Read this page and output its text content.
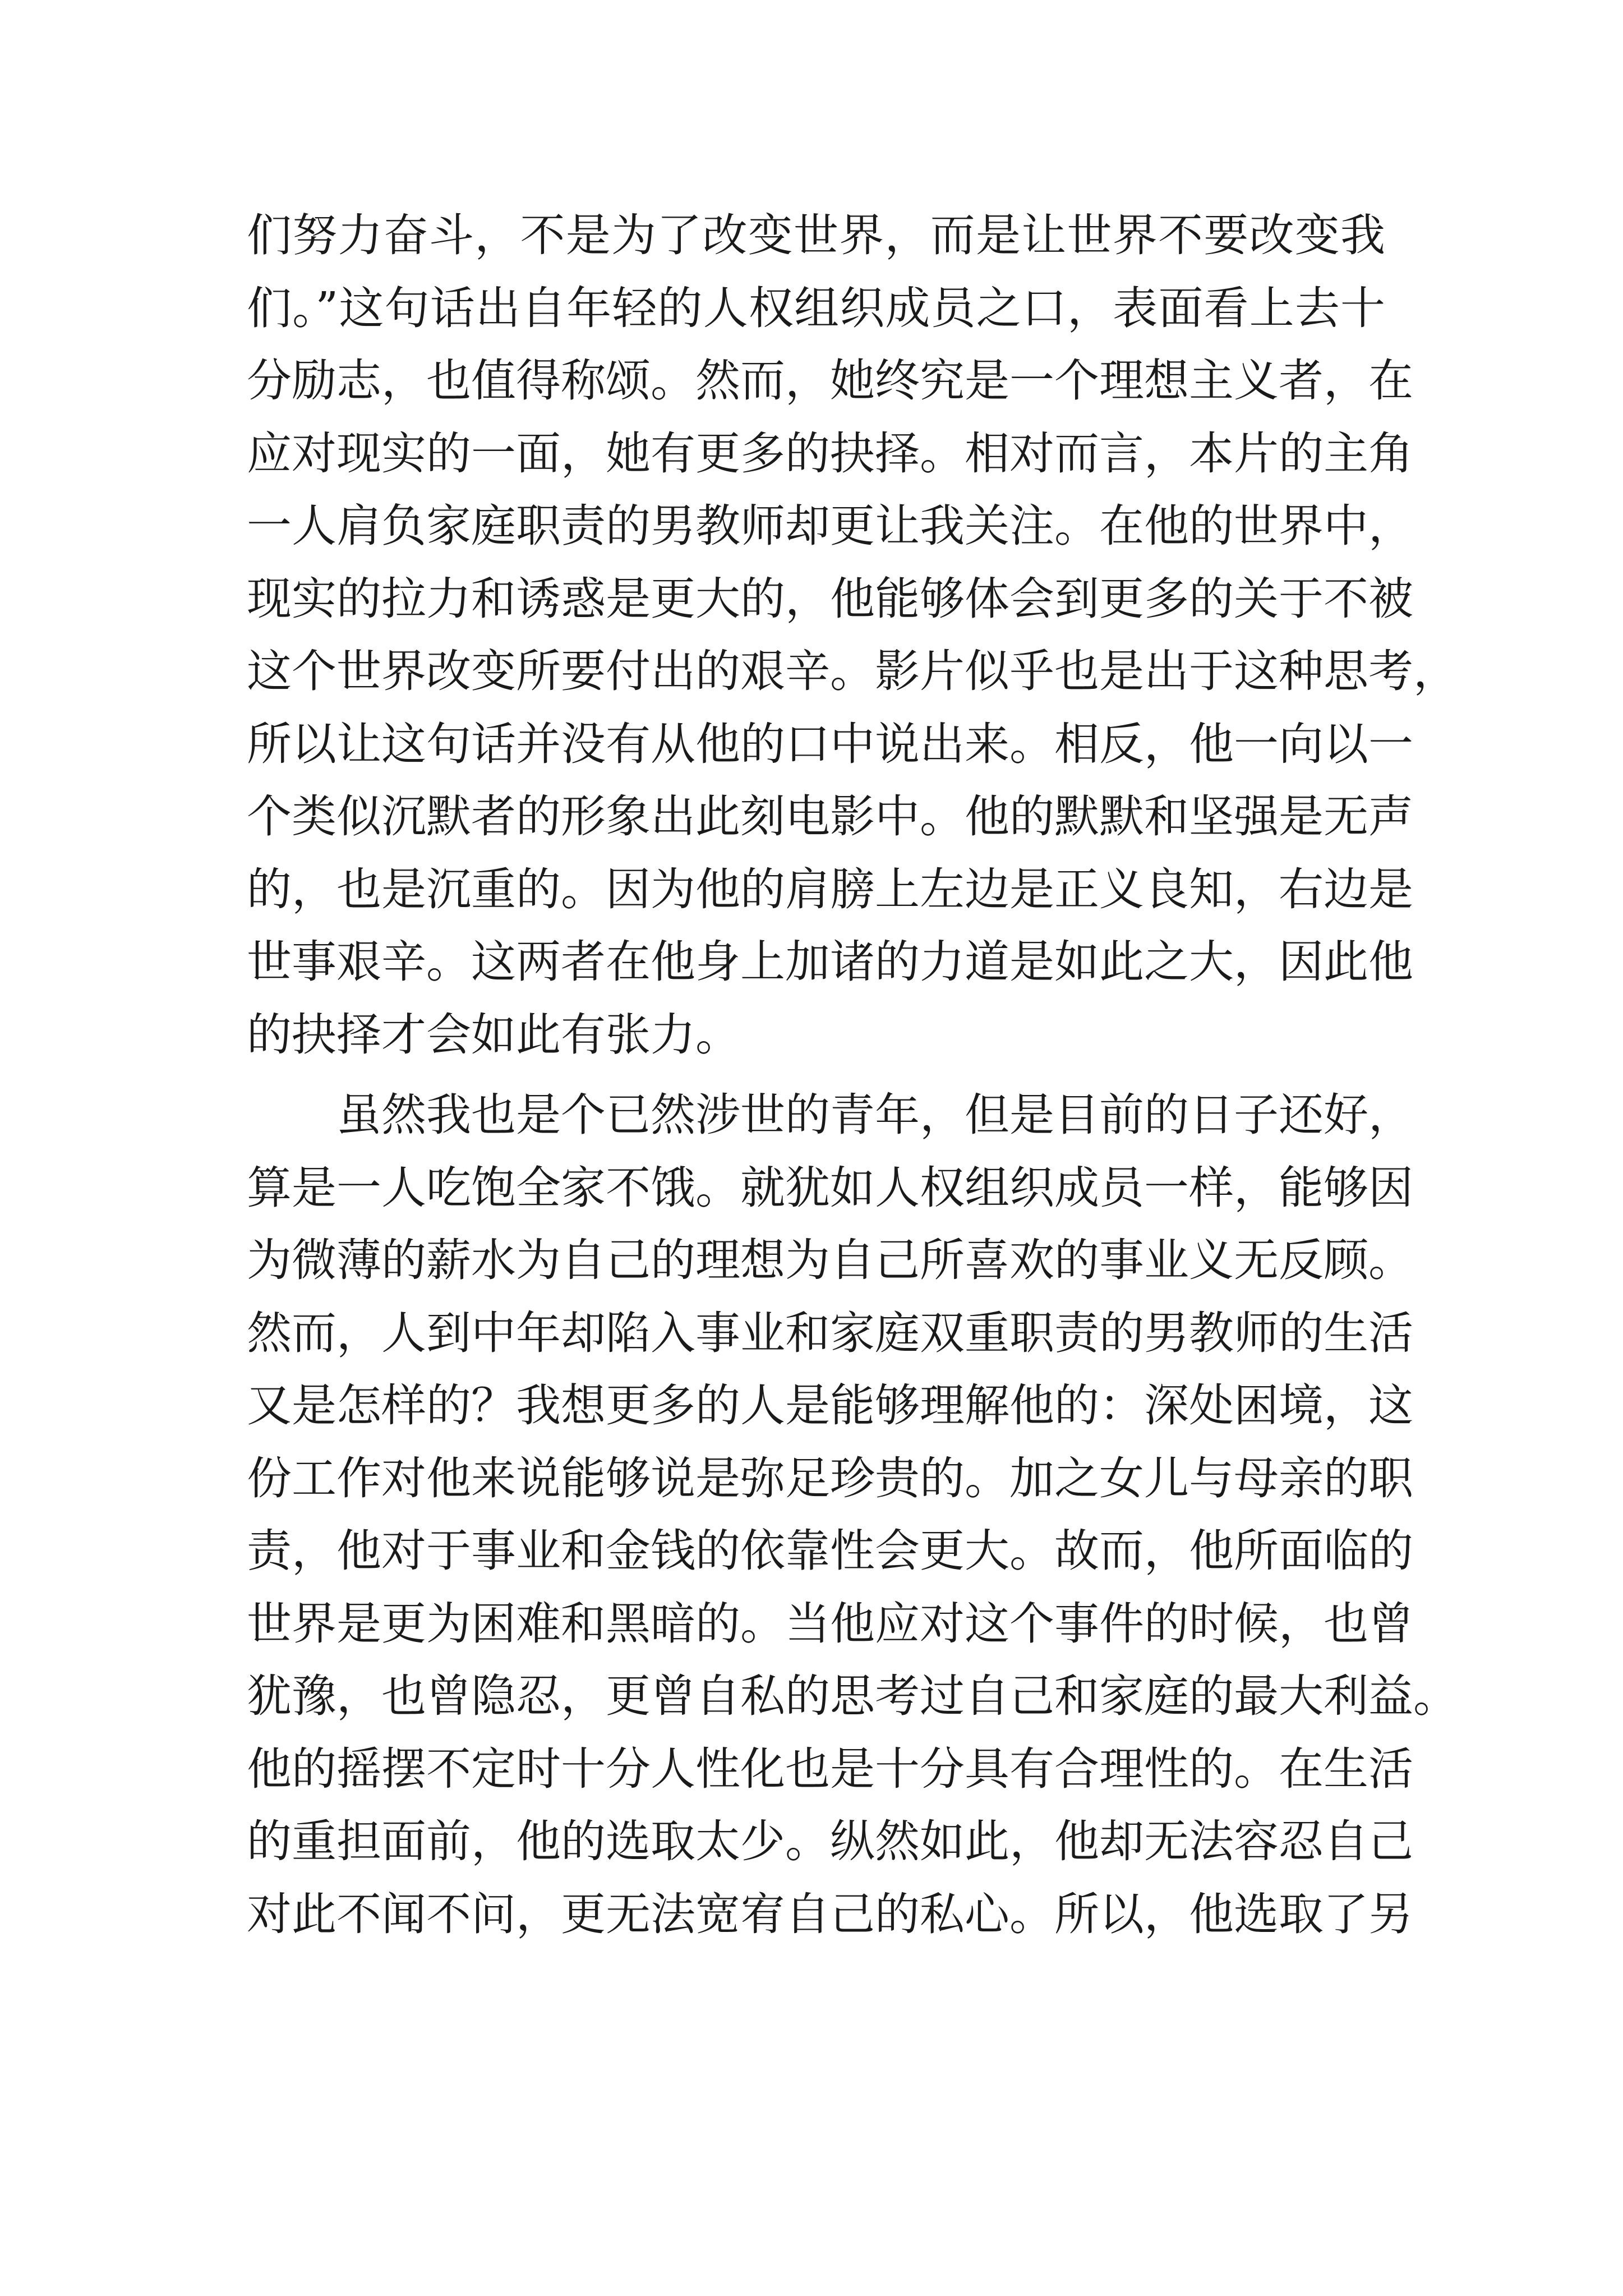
们努力奋斗，不是为了改变世界，而是让世界不要改变我
们。”这句话出自年轻的人权组织成员之口，表面看上去十
分励志，也值得称颂。然而，她终究是一个理想主义者，在
应对现实的一面，她有更多的抉择。相对而言，本片的主角
一人肩负家庭职责的男教师却更让我关注。在他的世界中，
现实的拉力和诱惑是更大的，他能够体会到更多的关于不被
这个世界改变所要付出的艰辛。影片似乎也是出于这种思考，
所以让这句话并没有从他的口中说出来。相反，他一向以一
个类似沉默者的形象出此刻电影中。他的默默和坚强是无声
的，也是沉重的。因为他的肩膀上左边是正义良知，右边是
世事艰辛。这两者在他身上加诸的力道是如此之大，因此他
的抉择才会如此有张力。
　　虽然我也是个已然涉世的青年，但是目前的日子还好，
算是一人吃饱全家不饿。就犹如人权组织成员一样，能够因
为微薄的薪水为自己的理想为自己所喜欢的事业义无反顾。
然而，人到中年却陷入事业和家庭双重职责的男教师的生活
又是怎样的？我想更多的人是能够理解他的：深处困境，这
份工作对他来说能够说是弥足珍贵的。加之女儿与母亲的职
责，他对于事业和金钱的依靠性会更大。故而，他所面临的
世界是更为困难和黑暗的。当他应对这个事件的时候，也曾
犹豫，也曾隐忍，更曾自私的思考过自己和家庭的最大利益。
他的摇摆不定时十分人性化也是十分具有合理性的。在生活
的重担面前，他的选取太少。纵然如此，他却无法容忍自己
对此不闻不问，更无法宽宥自己的私心。所以，他选取了另
